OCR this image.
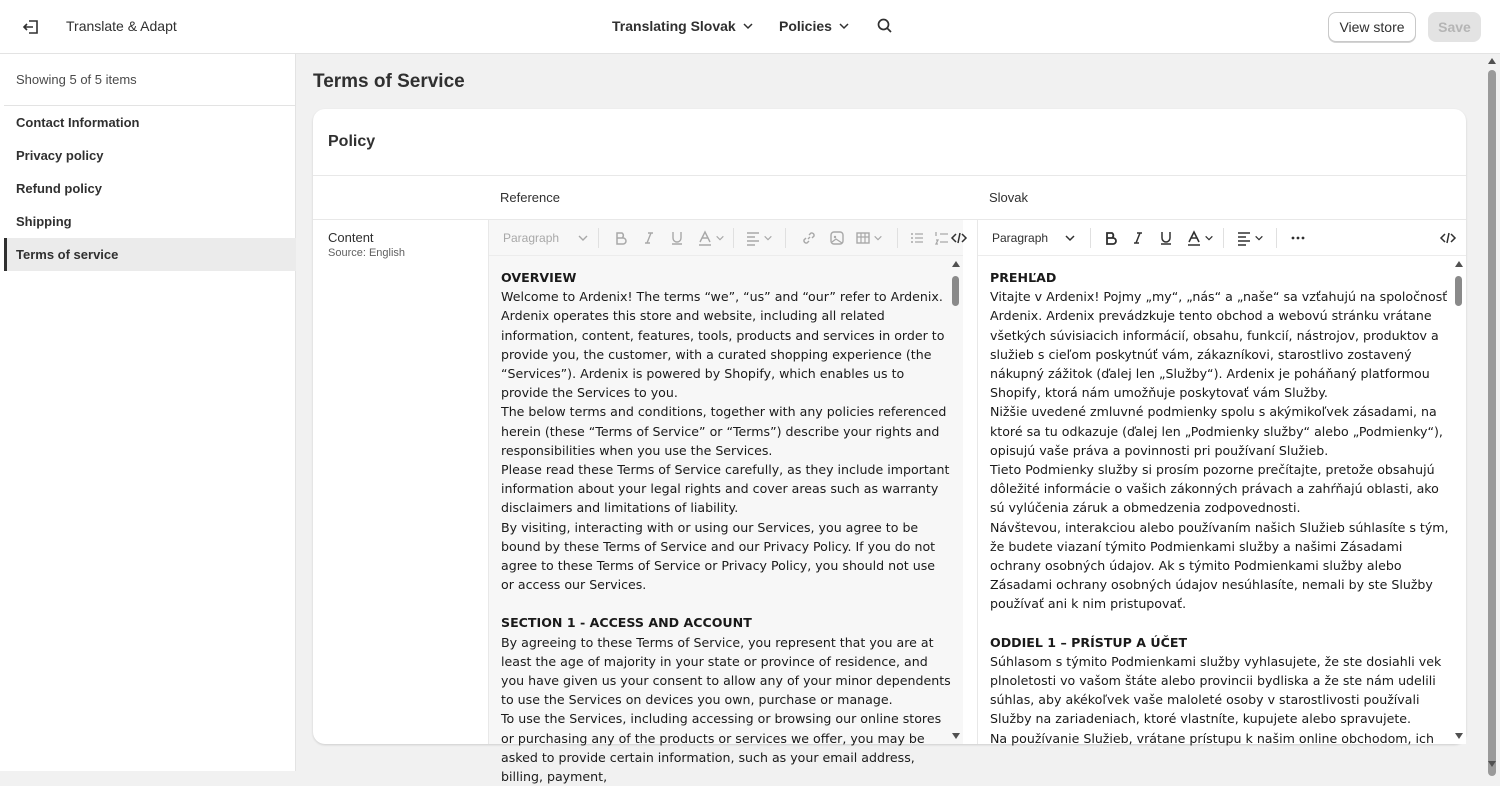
Translate & Adapt	Translating Slovak	Policies	View store	Save
Showing 5 of 5 items
Contact Information
Privacy policy
Refund policy
Shipping
Terms of service
Terms of Service
Policy
Reference	Slovak
Content
Source: English
Paragraph
OVERVIEW

Welcome to Ardenix! The terms “we”, “us” and “our” refer to Ardenix. Ardenix operates this store and website, including all related information, content, features, tools, products and services in order to provide you, the customer, with a curated shopping experience (the “Services”). Ardenix is powered by Shopify, which enables us to provide the Services to you.

The below terms and conditions, together with any policies referenced herein (these “Terms of Service” or “Terms”) describe your rights and responsibilities when you use the Services.

Please read these Terms of Service carefully, as they include important information about your legal rights and cover areas such as warranty disclaimers and limitations of liability.

By visiting, interacting with or using our Services, you agree to be bound by these Terms of Service and our Privacy Policy. If you do not agree to these Terms of Service or Privacy Policy, you should not use or access our Services.

SECTION 1 - ACCESS AND ACCOUNT

By agreeing to these Terms of Service, you represent that you are at least the age of majority in your state or province of residence, and you have given us your consent to allow any of your minor dependents to use the Services on devices you own, purchase or manage.

To use the Services, including accessing or browsing our online stores or purchasing any of the products or services we offer, you may be asked to provide certain information, such as your email address, billing, payment,

Paragraph
PREHĽAD

Vitajte v Ardenix! Pojmy „my“, „nás“ a „naše“ sa vzťahujú na spoločnosť Ardenix. Ardenix prevádzkuje tento obchod a webovú stránku vrátane všetkých súvisiacich informácií, obsahu, funkcií, nástrojov, produktov a služieb s cieľom poskytnúť vám, zákazníkovi, starostlivo zostavený nákupný zážitok (ďalej len „Služby“). Ardenix je poháňaný platformou Shopify, ktorá nám umožňuje poskytovať vám Služby.

Nižšie uvedené zmluvné podmienky spolu s akýmikoľvek zásadami, na ktoré sa tu odkazuje (ďalej len „Podmienky služby“ alebo „Podmienky“), opisujú vaše práva a povinnosti pri používaní Služieb.

Tieto Podmienky služby si prosím pozorne prečítajte, pretože obsahujú dôležité informácie o vašich zákonných právach a zahŕňajú oblasti, ako sú vylúčenia záruk a obmedzenia zodpovednosti.

Návštevou, interakciou alebo používaním našich Služieb súhlasíte s tým, že budete viazaní týmito Podmienkami služby a našimi Zásadami ochrany osobných údajov. Ak s týmito Podmienkami služby alebo Zásadami ochrany osobných údajov nesúhlasíte, nemali by ste Služby používať ani k nim pristupovať.

ODDIEL 1 – PRÍSTUP A ÚČET

Súhlasom s týmito Podmienkami služby vyhlasujete, že ste dosiahli vek plnoletosti vo vašom štáte alebo provincii bydliska a že ste nám udelili súhlas, aby akékoľvek vaše maloleté osoby v starostlivosti používali Služby na zariadeniach, ktoré vlastníte, kupujete alebo spravujete.

Na používanie Služieb, vrátane prístupu k našim online obchodom, ich
